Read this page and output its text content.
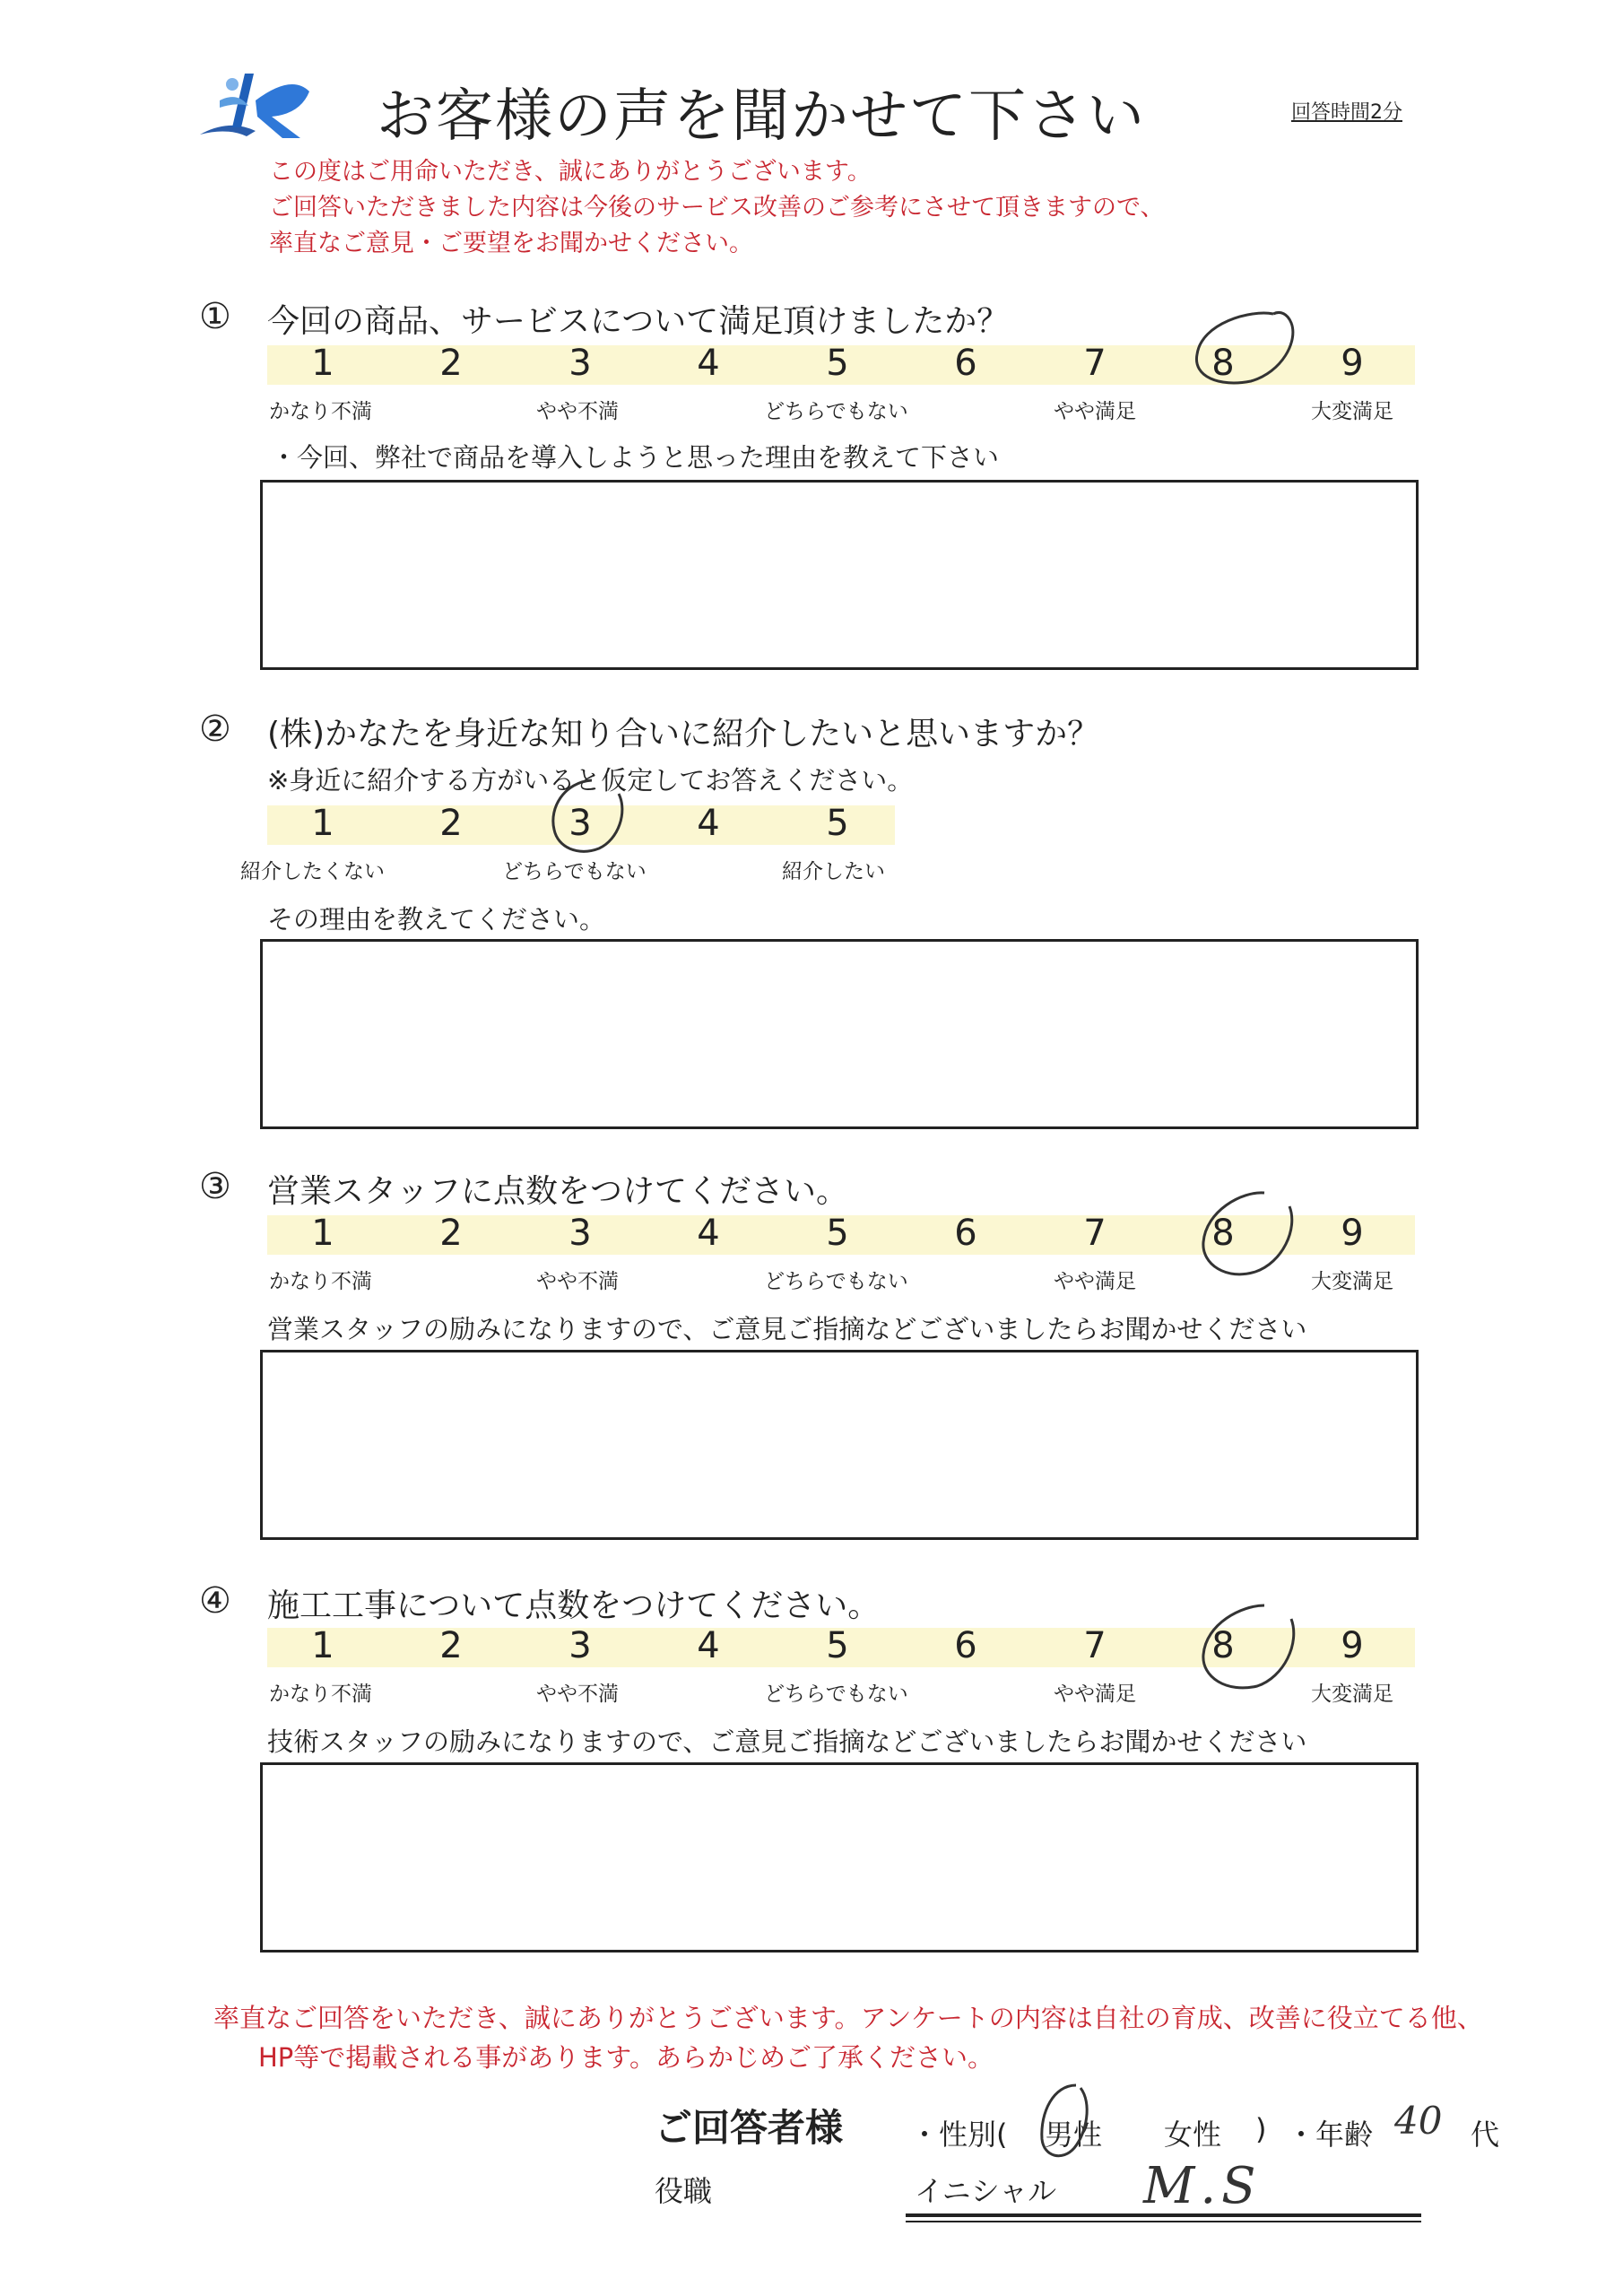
お客様の声を聞かせて下さい	回答時間2分
この度はご用命いただき、誠にありがとうございます。
ご回答いただきました内容は今後のサービス改善のご参考にさせて頂きますので、
率直なご意見・ご要望をお聞かせください。
① 今回の商品、サービスについて満足頂けましたか？
1	2	3	4	5	6	7	8	9
かなり不満	やや不満	どちらでもない	やや満足	大変満足
・今回、弊社で商品を導入しようと思った理由を教えて下さい
② (株)かなたを身近な知り合いに紹介したいと思いますか？
※身近に紹介する方がいると仮定してお答えください。
1	2	3	4	5
紹介したくない	どちらでもない	紹介したい
その理由を教えてください。
③ 営業スタッフに点数をつけてください。
1	2	3	4	5	6	7	8	9
かなり不満	やや不満	どちらでもない	やや満足	大変満足
営業スタッフの励みになりますので、ご意見ご指摘などございましたらお聞かせください
④ 施工工事について点数をつけてください。
1	2	3	4	5	6	7	8	9
かなり不満	やや不満	どちらでもない	やや満足	大変満足
技術スタッフの励みになりますので、ご意見ご指摘などございましたらお聞かせください
率直なご回答をいただき、誠にありがとうございます。アンケートの内容は自社の育成、改善に役立てる他、
HP等で掲載される事があります。あらかじめご了承ください。
ご回答者様 ・性別( 男性 女性 ) ・年齢 40 代
役職	イニシャル M.S
